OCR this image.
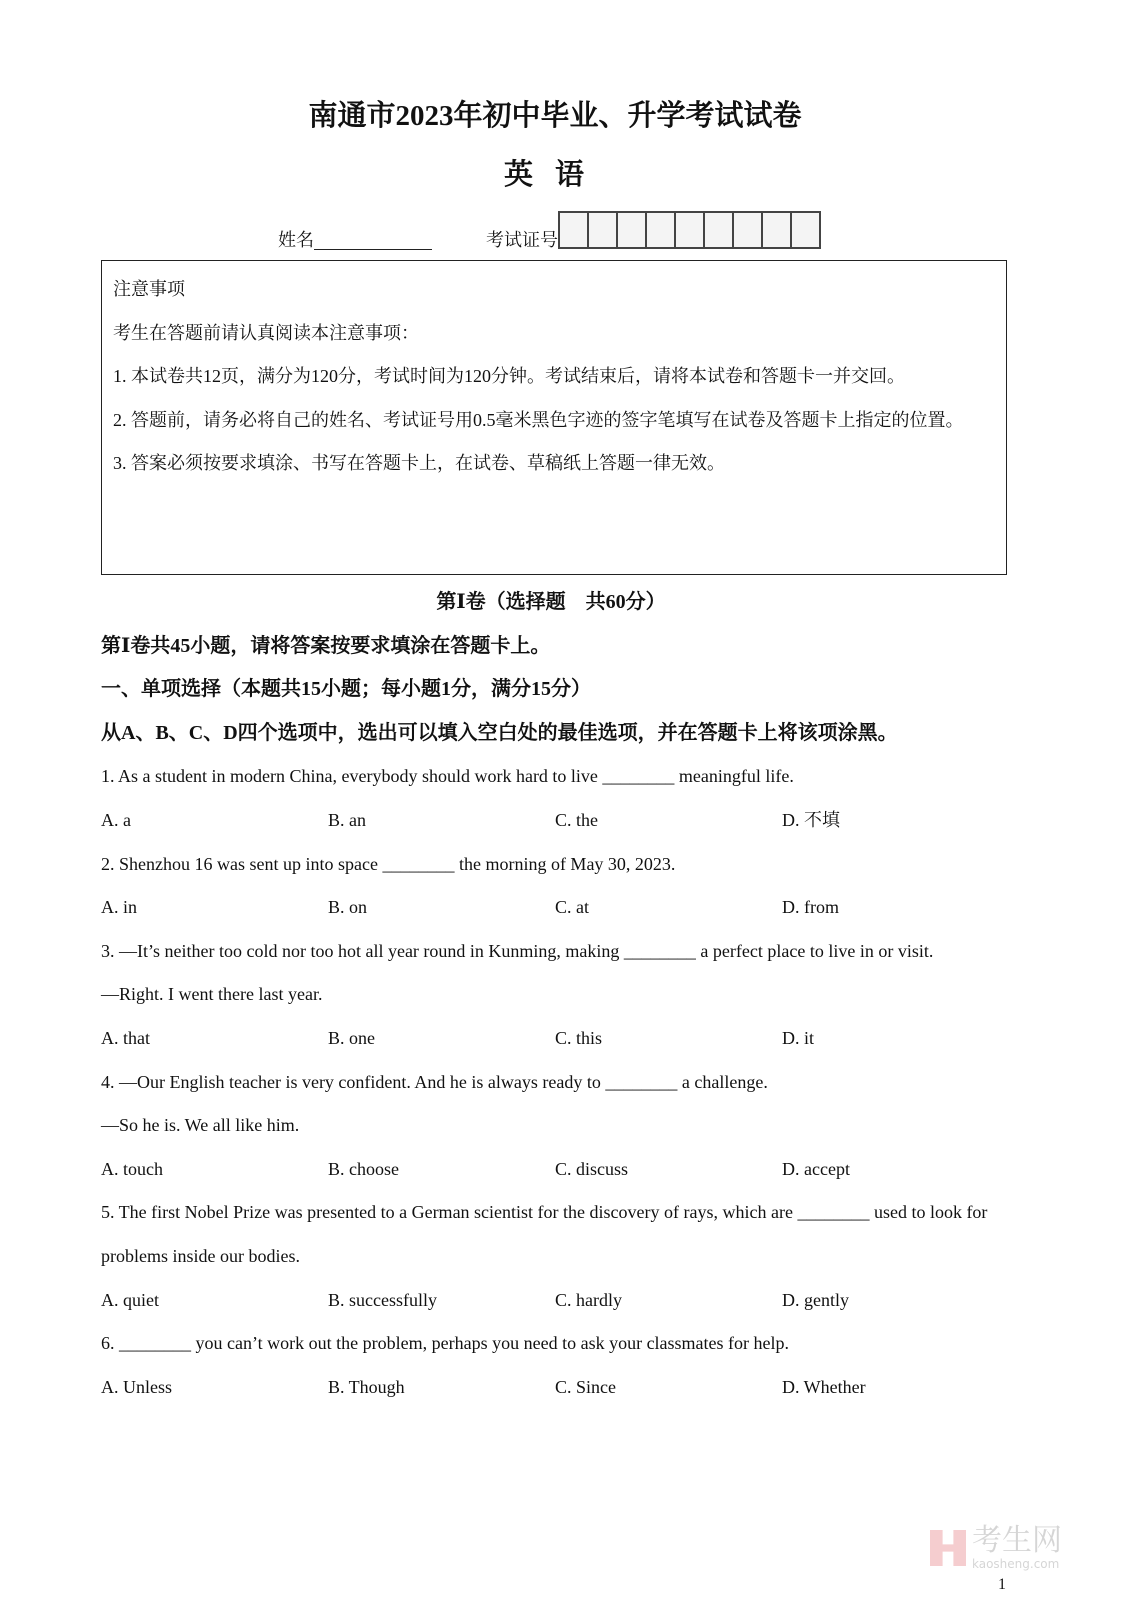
南通市2023年初中毕业、升学考试试卷
英语
姓名	考试证号
注意事项
考生在答题前请认真阅读本注意事项：
1. 本试卷共12页，满分为120分，考试时间为120分钟。考试结束后，请将本试卷和答题卡一并交回。
2. 答题前，请务必将自己的姓名、考试证号用0.5毫米黑色字迹的签字笔填写在试卷及答题卡上指定的位置。
3. 答案必须按要求填涂、书写在答题卡上，在试卷、草稿纸上答题一律无效。
第Ⅰ卷（选择题　共60分）
第Ⅰ卷共45小题，请将答案按要求填涂在答题卡上。
一、单项选择（本题共15小题；每小题1分，满分15分）
从A、B、C、D四个选项中，选出可以填入空白处的最佳选项，并在答题卡上将该项涂黑。
1. As a student in modern China, everybody should work hard to live ________ meaningful life.
A. a	B. an	C. the	D. 不填
2. Shenzhou 16 was sent up into space ________ the morning of May 30, 2023.
A. in	B. on	C. at	D. from
3. —It’s neither too cold nor too hot all year round in Kunming, making ________ a perfect place to live in or visit.
—Right. I went there last year.
A. that	B. one	C. this	D. it
4. —Our English teacher is very confident. And he is always ready to ________ a challenge.
—So he is. We all like him.
A. touch	B. choose	C. discuss	D. accept
5. The first Nobel Prize was presented to a German scientist for the discovery of rays, which are ________ used to look for problems inside our bodies.
A. quiet	B. successfully	C. hardly	D. gently
6. ________ you can’t work out the problem, perhaps you need to ask your classmates for help.
A. Unless	B. Though	C. Since	D. Whether
考生网
kaosheng.com
1
